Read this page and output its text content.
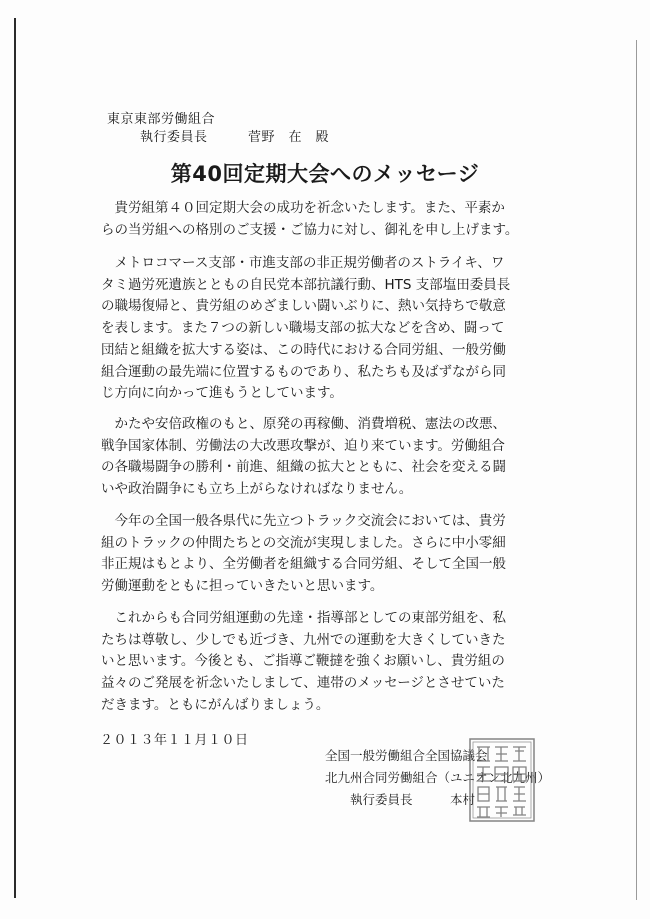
東京東部労働組合
執行委員長　　　菅野　在　殿
第40回定期大会へのメッセージ

　貴労組第４０回定期大会の成功を祈念いたします。また、平素か
らの当労組への格別のご支援・ご協力に対し、御礼を申し上げます。

　メトロコマース支部・市進支部の非正規労働者のストライキ、ワ
タミ過労死遺族とともの自民党本部抗議行動、HTS 支部塩田委員長
の職場復帰と、貴労組のめざましい闘いぶりに、熱い気持ちで敬意
を表します。また７つの新しい職場支部の拡大などを含め、闘って
団結と組織を拡大する姿は、この時代における合同労組、一般労働
組合運動の最先端に位置するものであり、私たちも及ばずながら同
じ方向に向かって進もうとしています。

　かたや安倍政権のもと、原発の再稼働、消費増税、憲法の改悪、
戦争国家体制、労働法の大改悪攻撃が、迫り来ています。労働組合
の各職場闘争の勝利・前進、組織の拡大とともに、社会を変える闘
いや政治闘争にも立ち上がらなければなりません。

　今年の全国一般各県代に先立つトラック交流会においては、貴労
組のトラックの仲間たちとの交流が実現しました。さらに中小零細
非正規はもとより、全労働者を組織する合同労組、そして全国一般
労働運動をともに担っていきたいと思います。

　これからも合同労組運動の先達・指導部としての東部労組を、私
たちは尊敬し、少しでも近づき、九州での運動を大きくしていきた
いと思います。今後とも、ご指導ご鞭撻を強くお願いし、貴労組の
益々のご発展を祈念いたしまして、連帯のメッセージとさせていた
だきます。ともにがんばりましょう。

２０１３年１１月１０日
全国一般労働組合全国協議会
北九州合同労働組合（ユニオン北九州）
執行委員長　　　本村
